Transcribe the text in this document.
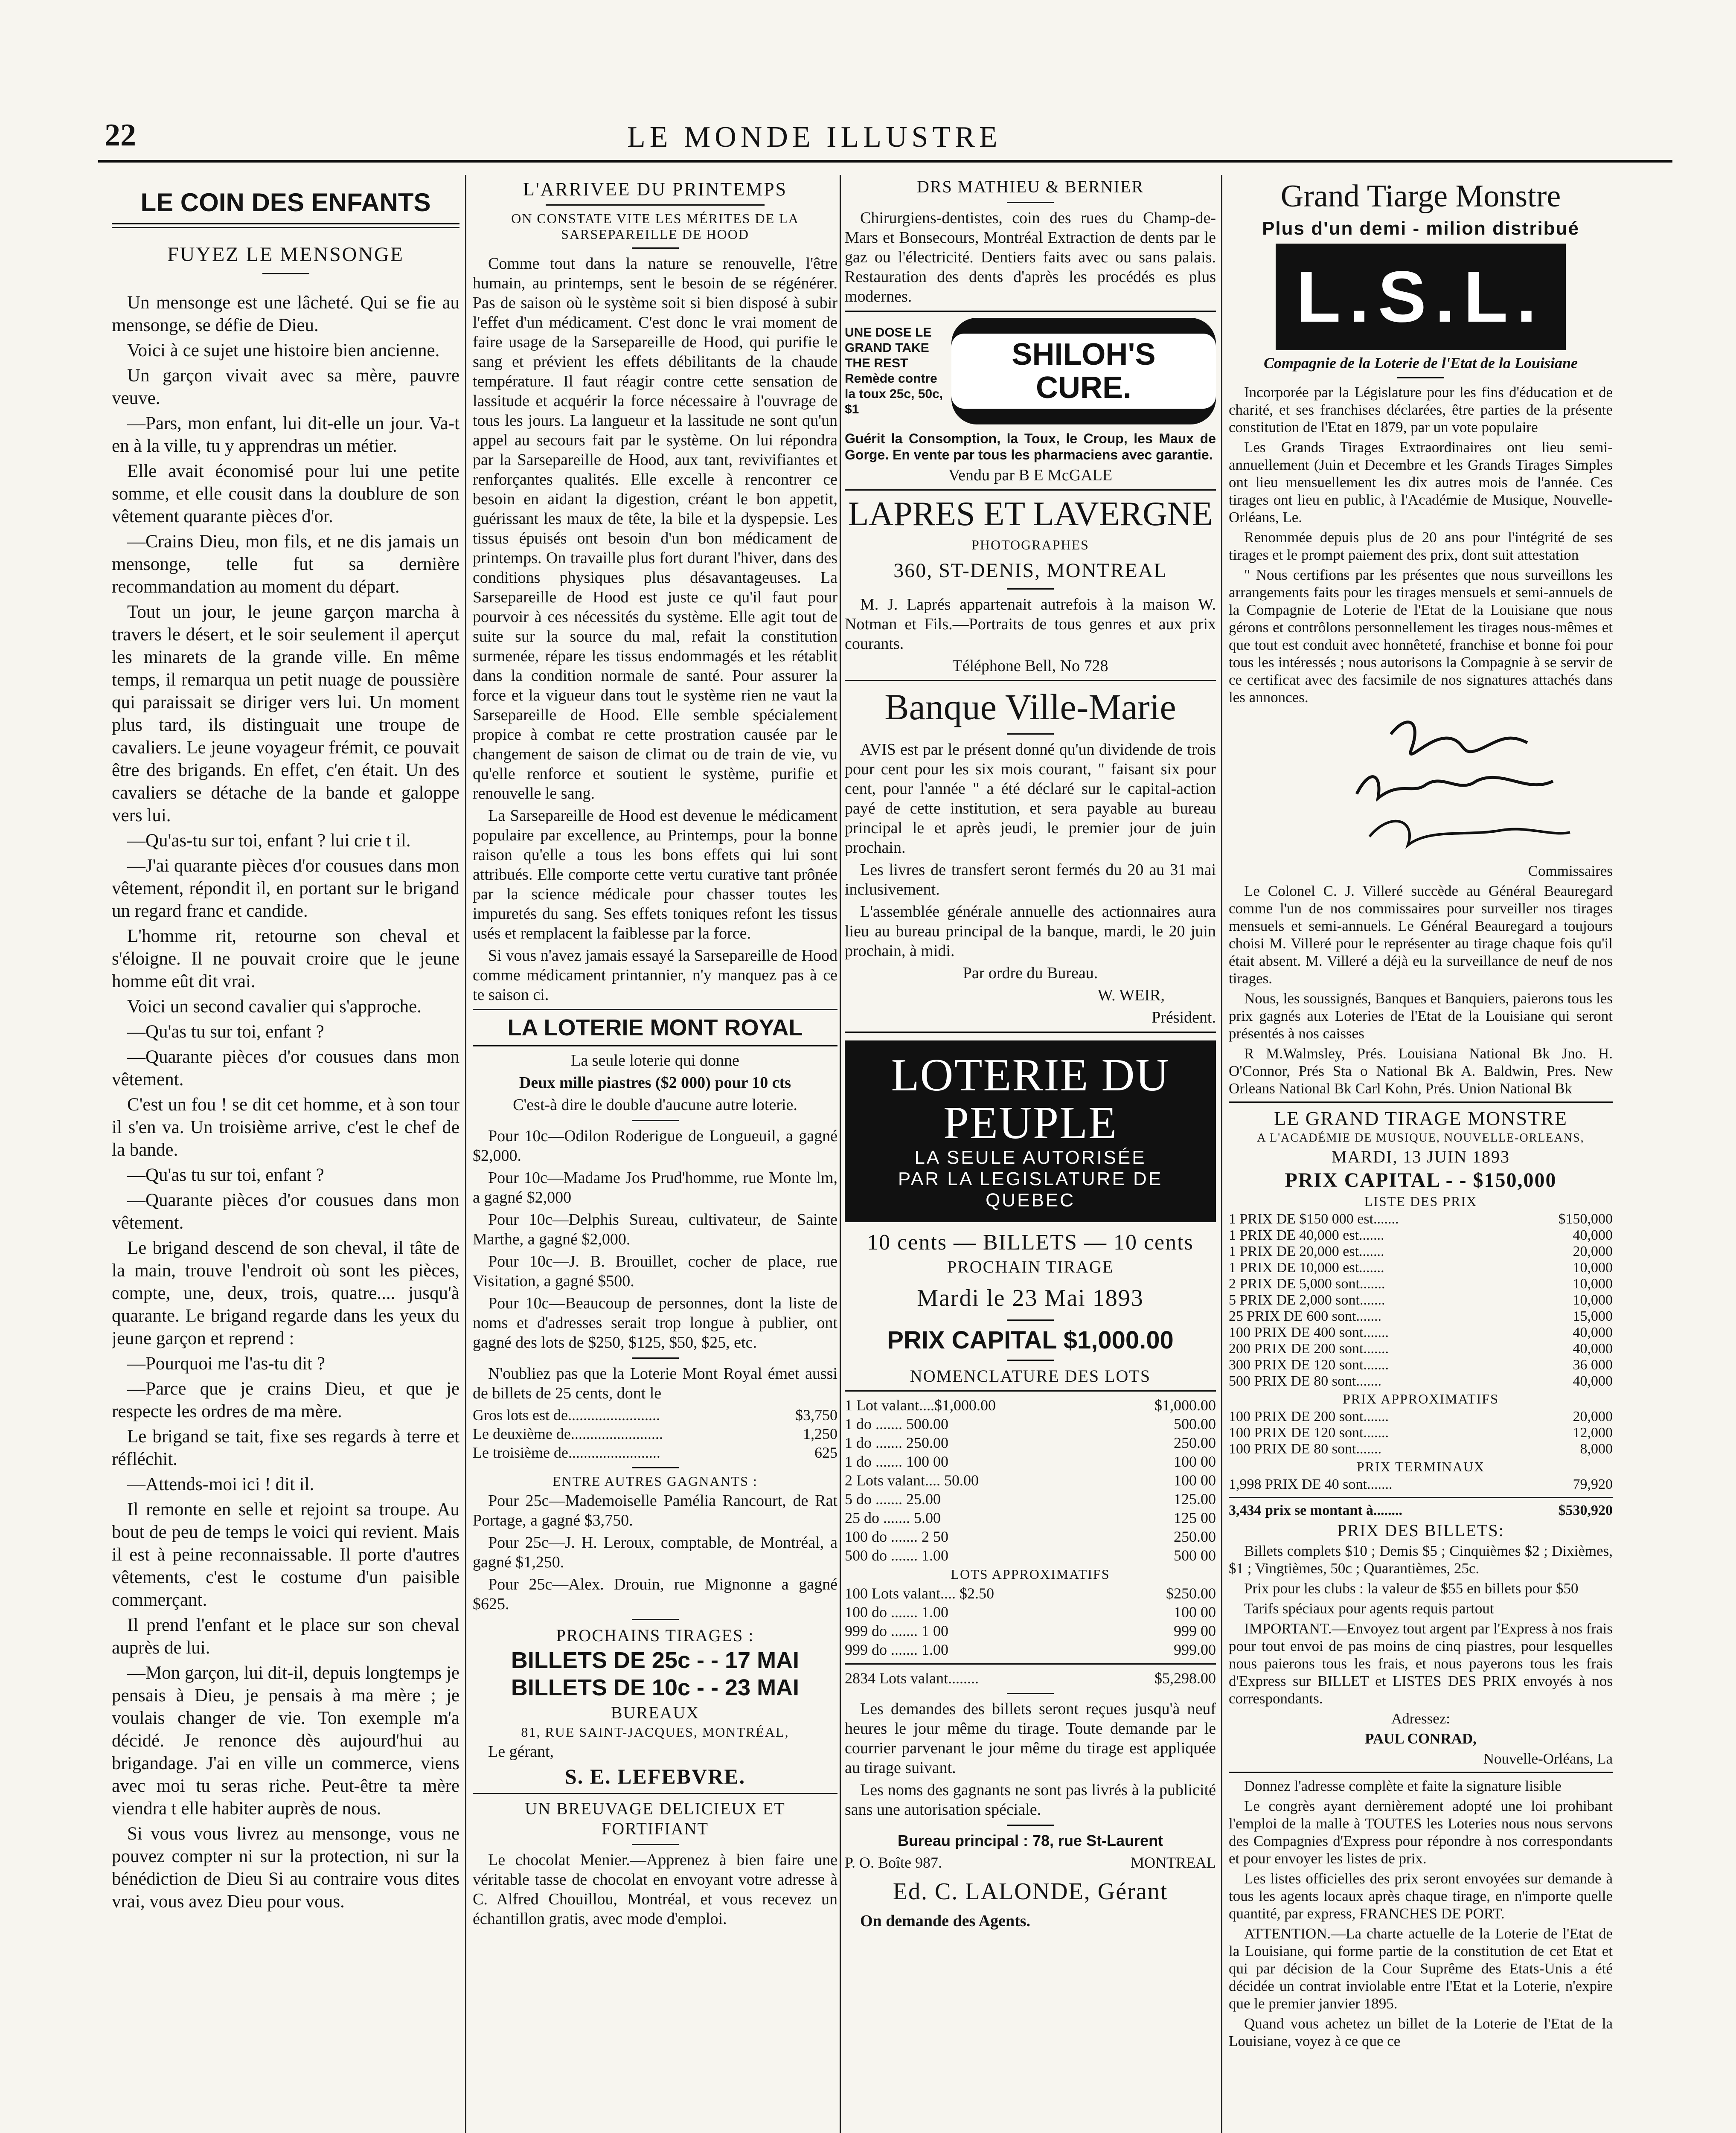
22	LE MONDE ILLUSTRE
LE COIN DES ENFANTS
FUYEZ LE MENSONGE

Un mensonge est une lâcheté. Qui se fie au mensonge, se défie de Dieu.

Voici à ce sujet une histoire bien ancienne.

Un garçon vivait avec sa mère, pauvre veuve.

—Pars, mon enfant, lui dit-elle un jour. Va-t en à la ville, tu y apprendras un métier.

Elle avait économisé pour lui une petite somme, et elle cousit dans la doublure de son vêtement quarante pièces d'or.

—Crains Dieu, mon fils, et ne dis jamais un mensonge, telle fut sa dernière recommandation au moment du départ.

Tout un jour, le jeune garçon marcha à travers le désert, et le soir seulement il aperçut les minarets de la grande ville. En même temps, il remarqua un petit nuage de poussière qui paraissait se diriger vers lui. Un moment plus tard, ils distinguait une troupe de cavaliers. Le jeune voyageur frémit, ce pouvait être des brigands. En effet, c'en était. Un des cavaliers se détache de la bande et galoppe vers lui.

—Qu'as-tu sur toi, enfant ? lui crie t il.

—J'ai quarante pièces d'or cousues dans mon vêtement, répondit il, en portant sur le brigand un regard franc et candide.

L'homme rit, retourne son cheval et s'éloigne. Il ne pouvait croire que le jeune homme eût dit vrai.

Voici un second cavalier qui s'approche.

—Qu'as tu sur toi, enfant ?

—Quarante pièces d'or cousues dans mon vêtement.

C'est un fou ! se dit cet homme, et à son tour il s'en va. Un troisième arrive, c'est le chef de la bande.

—Qu'as tu sur toi, enfant ?

—Quarante pièces d'or cousues dans mon vêtement.

Le brigand descend de son cheval, il tâte de la main, trouve l'endroit où sont les pièces, compte, une, deux, trois, quatre.... jusqu'à quarante. Le brigand regarde dans les yeux du jeune garçon et reprend :

—Pourquoi me l'as-tu dit ?

—Parce que je crains Dieu, et que je respecte les ordres de ma mère.

Le brigand se tait, fixe ses regards à terre et réfléchit.

—Attends-moi ici ! dit il.

Il remonte en selle et rejoint sa troupe. Au bout de peu de temps le voici qui revient. Mais il est à peine reconnaissable. Il porte d'autres vêtements, c'est le costume d'un paisible commerçant.

Il prend l'enfant et le place sur son cheval auprès de lui.

—Mon garçon, lui dit-il, depuis longtemps je pensais à Dieu, je pensais à ma mère ; je voulais changer de vie. Ton exemple m'a décidé. Je renonce dès aujourd'hui au brigandage. J'ai en ville un commerce, viens avec moi tu seras riche. Peut-être ta mère viendra t elle habiter auprès de nous.

Si vous vous livrez au mensonge, vous ne pouvez compter ni sur la protection, ni sur la bénédiction de Dieu Si au contraire vous dites vrai, vous avez Dieu pour vous.

L'ARRIVEE DU PRINTEMPS
ON CONSTATE VITE LES MÉRITES DE LA SARSEPAREILLE DE HOOD

Comme tout dans la nature se renouvelle, l'être humain, au printemps, sent le besoin de se régénérer. Pas de saison où le système soit si bien disposé à subir l'effet d'un médicament. C'est donc le vrai moment de faire usage de la Sarsepareille de Hood, qui purifie le sang et prévient les effets débilitants de la chaude température. Il faut réagir contre cette sensation de lassitude et acquérir la force nécessaire à l'ouvrage de tous les jours. La langueur et la lassitude ne sont qu'un appel au secours fait par le système. On lui répondra par la Sarsepareille de Hood, aux tant, revivifiantes et renforçantes qualités. Elle excelle à rencontrer ce besoin en aidant la digestion, créant le bon appetit, guérissant les maux de tête, la bile et la dyspepsie. Les tissus épuisés ont besoin d'un bon médicament de printemps. On travaille plus fort durant l'hiver, dans des conditions physiques plus désavantageuses. La Sarsepareille de Hood est juste ce qu'il faut pour pourvoir à ces nécessités du système. Elle agit tout de suite sur la source du mal, refait la constitution surmenée, répare les tissus endommagés et les rétablit dans la condition normale de santé. Pour assurer la force et la vigueur dans tout le système rien ne vaut la Sarsepareille de Hood. Elle semble spécialement propice à combat re cette prostration causée par le changement de saison de climat ou de train de vie, vu qu'elle renforce et soutient le système, purifie et renouvelle le sang.

La Sarsepareille de Hood est devenue le médicament populaire par excellence, au Printemps, pour la bonne raison qu'elle a tous les bons effets qui lui sont attribués. Elle comporte cette vertu curative tant prônée par la science médicale pour chasser toutes les impuretés du sang. Ses effets toniques refont les tissus usés et remplacent la faiblesse par la force.

Si vous n'avez jamais essayé la Sarsepareille de Hood comme médicament printannier, n'y manquez pas à ce te saison ci.

LA LOTERIE MONT ROYAL

La seule loterie qui donne

Deux mille piastres ($2 000) pour 10 cts

C'est-à dire le double d'aucune autre loterie.

Pour 10c—Odilon Roderigue de Longueuil, a gagné $2,000.

Pour 10c—Madame Jos Prud'homme, rue Monte lm, a gagné $2,000

Pour 10c—Delphis Sureau, cultivateur, de Sainte Marthe, a gagné $2,000.

Pour 10c—J. B. Brouillet, cocher de place, rue Visitation, a gagné $500.

Pour 10c—Beaucoup de personnes, dont la liste de noms et d'adresses serait trop longue à publier, ont gagné des lots de $250, $125, $50, $25, etc.

N'oubliez pas que la Loterie Mont Royal émet aussi de billets de 25 cents, dont le

Gros lots est de........................	$3,750
Le deuxième de........................	1,250
Le troisième de........................	625
ENTRE AUTRES GAGNANTS :

Pour 25c—Mademoiselle Pamélia Rancourt, de Rat Portage, a gagné $3,750.

Pour 25c—J. H. Leroux, comptable, de Montréal, a gagné $1,250.

Pour 25c—Alex. Drouin, rue Mignonne a gagné $625.

PROCHAINS TIRAGES :
BILLETS DE 25c - - 17 MAI
BILLETS DE 10c - - 23 MAI
BUREAUX
81, RUE SAINT-JACQUES, MONTRÉAL,

Le gérant,

S. E. LEFEBVRE.
UN BREUVAGE DELICIEUX ET FORTIFIANT

Le chocolat Menier.—Apprenez à bien faire une véritable tasse de chocolat en envoyant votre adresse à C. Alfred Chouillou, Montréal, et vous recevez un échantillon gratis, avec mode d'emploi.

DRS MATHIEU & BERNIER

Chirurgiens-dentistes, coin des rues du Champ-de-Mars et Bonsecours, Montréal Extraction de dents par le gaz ou l'électricité. Dentiers faits avec ou sans palais. Restauration des dents d'après les procédés es plus modernes.

UNE DOSE LE GRAND TAKE THE REST Remède contre la toux 25c, 50c, $1
SHILOH'S CURE.

Guérit la Consomption, la Toux, le Croup, les Maux de Gorge. En vente par tous les pharmaciens avec garantie.

Vendu par B E McGALE

LAPRES ET LAVERGNE
PHOTOGRAPHES
360, ST-DENIS, MONTREAL

M. J. Laprés appartenait autrefois à la maison W. Notman et Fils.—Portraits de tous genres et aux prix courants.

Téléphone Bell, No 728

Banque Ville-Marie

AVIS est par le présent donné qu'un dividende de trois pour cent pour les six mois courant, " faisant six pour cent, pour l'année " a été déclaré sur le capital-action payé de cette institution, et sera payable au bureau principal le et après jeudi, le premier jour de juin prochain.

Les livres de transfert seront fermés du 20 au 31 mai inclusivement.

L'assemblée générale annuelle des actionnaires aura lieu au bureau principal de la banque, mardi, le 20 juin prochain, à midi.

Par ordre du Bureau.

W. WEIR,

Président.

LOTERIE DU PEUPLE
LA SEULE AUTORISÉE
PAR LA LEGISLATURE DE QUEBEC
10 cents — BILLETS — 10 cents
PROCHAIN TIRAGE
Mardi le 23 Mai 1893
PRIX CAPITAL $1,000.00
NOMENCLATURE DES LOTS
1 Lot valant....$1,000.00	$1,000.00
1 do ....... 500.00	500.00
1 do ....... 250.00	250.00
1 do ....... 100 00	100 00
2 Lots valant.... 50.00	100 00
5 do ....... 25.00	125.00
25 do ....... 5.00	125 00
100 do ....... 2 50	250.00
500 do ....... 1.00	500 00
LOTS APPROXIMATIFS
100 Lots valant.... $2.50	$250.00
100 do ....... 1.00	100 00
999 do ....... 1 00	999 00
999 do ....... 1.00	999.00
2834 Lots valant........	$5,298.00

Les demandes des billets seront reçues jusqu'à neuf heures le jour même du tirage. Toute demande par le courrier parvenant le jour même du tirage est appliquée au tirage suivant.

Les noms des gagnants ne sont pas livrés à la publicité sans une autorisation spéciale.

Bureau principal : 78, rue St-Laurent

P. O. Boîte 987.	MONTREAL
Ed. C. LALONDE, Gérant

On demande des Agents.

Grand Tiarge Monstre
Plus d'un demi - milion distribué
L.S.L.

Compagnie de la Loterie de l'Etat de la Louisiane

Incorporée par la Législature pour les fins d'éducation et de charité, et ses franchises déclarées, être parties de la présente constitution de l'Etat en 1879, par un vote populaire

Les Grands Tirages Extraordinaires ont lieu semi-annuellement (Juin et Decembre et les Grands Tirages Simples ont lieu mensuellement les dix autres mois de l'année. Ces tirages ont lieu en public, à l'Académie de Musique, Nouvelle-Orléans, Le.

Renommée depuis plus de 20 ans pour l'intégrité de ses tirages et le prompt paiement des prix, dont suit attestation

" Nous certifions par les présentes que nous surveillons les arrangements faits pour les tirages mensuels et semi-annuels de la Compagnie de Loterie de l'Etat de la Louisiane que nous gérons et contrôlons personnellement les tirages nous-mêmes et que tout est conduit avec honnêteté, franchise et bonne foi pour tous les intéressés ; nous autorisons la Compagnie à se servir de ce certificat avec des facsimile de nos signatures attachés dans les annonces.

Commissaires

Le Colonel C. J. Villeré succède au Général Beauregard comme l'un de nos commissaires pour surveiller nos tirages mensuels et semi-annuels. Le Général Beauregard a toujours choisi M. Villeré pour le représenter au tirage chaque fois qu'il était absent. M. Villeré a déjà eu la surveillance de neuf de nos tirages.

Nous, les soussignés, Banques et Banquiers, paierons tous les prix gagnés aux Loteries de l'Etat de la Louisiane qui seront présentés à nos caisses

R M.Walmsley, Prés. Louisiana National Bk Jno. H. O'Connor, Prés Sta o National Bk A. Baldwin, Pres. New Orleans National Bk Carl Kohn, Prés. Union National Bk

LE GRAND TIRAGE MONSTRE
A L'ACADÉMIE DE MUSIQUE, NOUVELLE-ORLEANS,
MARDI, 13 JUIN 1893
PRIX CAPITAL - - $150,000
LISTE DES PRIX
1 PRIX DE $150 000 est.......	$150,000
1 PRIX DE 40,000 est.......	40,000
1 PRIX DE 20,000 est.......	20,000
1 PRIX DE 10,000 est.......	10,000
2 PRIX DE 5,000 sont.......	10,000
5 PRIX DE 2,000 sont.......	10,000
25 PRIX DE 600 sont.......	15,000
100 PRIX DE 400 sont.......	40,000
200 PRIX DE 200 sont.......	40,000
300 PRIX DE 120 sont.......	36 000
500 PRIX DE 80 sont.......	40,000
PRIX APPROXIMATIFS
100 PRIX DE 200 sont.......	20,000
100 PRIX DE 120 sont.......	12,000
100 PRIX DE 80 sont.......	8,000
PRIX TERMINAUX
1,998 PRIX DE 40 sont.......	79,920
3,434 prix se montant à........	$530,920
PRIX DES BILLETS:

Billets complets $10 ; Demis $5 ; Cinquièmes $2 ; Dixièmes, $1 ; Vingtièmes, 50c ; Quarantièmes, 25c.

Prix pour les clubs : la valeur de $55 en billets pour $50

Tarifs spéciaux pour agents requis partout

IMPORTANT.—Envoyez tout argent par l'Express à nos frais pour tout envoi de pas moins de cinq piastres, pour lesquelles nous paierons tous les frais, et nous payerons tous les frais d'Express sur BILLET et LISTES DES PRIX envoyés à nos correspondants.

Adressez:

PAUL CONRAD,

Nouvelle-Orléans, La

Donnez l'adresse complète et faite la signature lisible

Le congrès ayant dernièrement adopté une loi prohibant l'emploi de la malle à TOUTES les Loteries nous nous servons des Compagnies d'Express pour répondre à nos correspondants et pour envoyer les listes de prix.

Les listes officielles des prix seront envoyées sur demande à tous les agents locaux après chaque tirage, en n'importe quelle quantité, par express, FRANCHES DE PORT.

ATTENTION.—La charte actuelle de la Loterie de l'Etat de la Louisiane, qui forme partie de la constitution de cet Etat et qui par décision de la Cour Suprême des Etats-Unis a été décidée un contrat inviolable entre l'Etat et la Loterie, n'expire que le premier janvier 1895.

Quand vous achetez un billet de la Loterie de l'Etat de la Louisiane, voyez à ce que ce
